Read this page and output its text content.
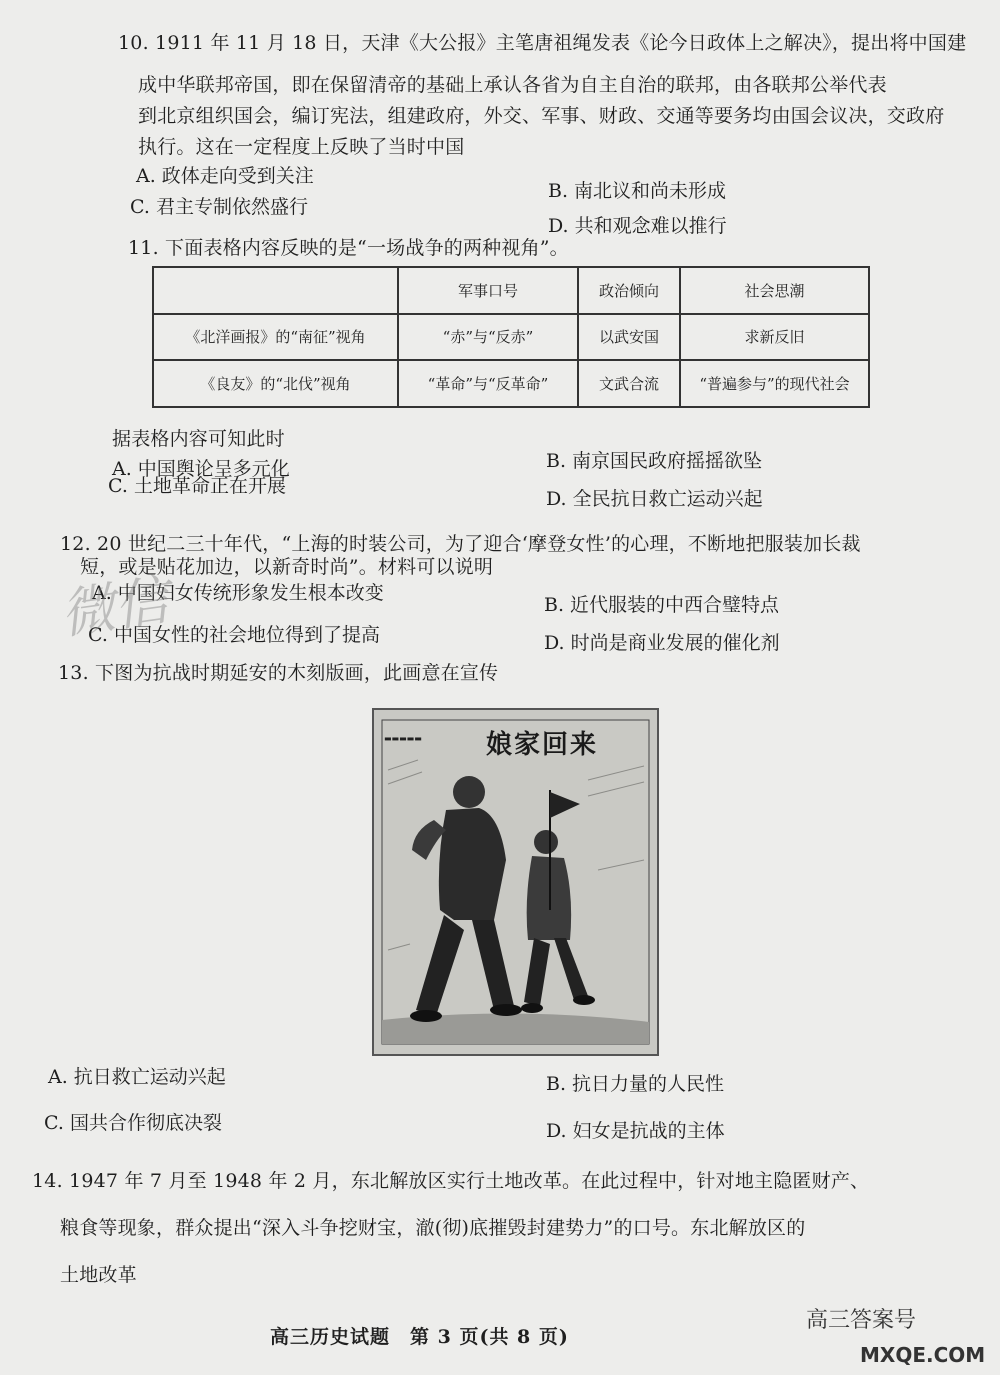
10. 1911 年 11 月 18 日，天津《大公报》主笔唐祖绳发表《论今日政体上之解决》，提出将中国建
成中华联邦帝国，即在保留清帝的基础上承认各省为自主自治的联邦，由各联邦公举代表
到北京组织国会，编订宪法，组建政府，外交、军事、财政、交通等要务均由国会议决，交政府
执行。这在一定程度上反映了当时中国
A. 政体走向受到关注
B. 南北议和尚未形成
C. 君主专制依然盛行
D. 共和观念难以推行
11. 下面表格内容反映的是“一场战争的两种视角”。
	军事口号	政治倾向	社会思潮
《北洋画报》的“南征”视角	“赤”与“反赤”	以武安国	求新反旧
《良友》的“北伐”视角	“革命”与“反革命”	文武合流	“普遍参与”的现代社会
据表格内容可知此时
A. 中国舆论呈多元化	B. 南京国民政府摇摇欲坠
C. 土地革命正在开展
D. 全民抗日救亡运动兴起
12. 20 世纪二三十年代，“上海的时装公司，为了迎合‘摩登女性’的心理，不断地把服装加长裁
短，或是贴花加边，以新奇时尚”。材料可以说明
A. 中国妇女传统形象发生根本改变
B. 近代服装的中西合璧特点
C. 中国女性的社会地位得到了提高	D. 时尚是商业发展的催化剂
13. 下图为抗战时期延安的木刻版画，此画意在宣传
▬▬▬▬▬ 娘家回来
A. 抗日救亡运动兴起	B. 抗日力量的人民性
C. 国共合作彻底决裂	D. 妇女是抗战的主体
14. 1947 年 7 月至 1948 年 2 月，东北解放区实行土地改革。在此过程中，针对地主隐匿财产、
粮食等现象，群众提出“深入斗争挖财宝，澈(彻)底摧毁封建势力”的口号。东北解放区的
土地改革
高三历史试题　第 3 页(共 8 页)
微信
高三答案号
MXQE.COM
